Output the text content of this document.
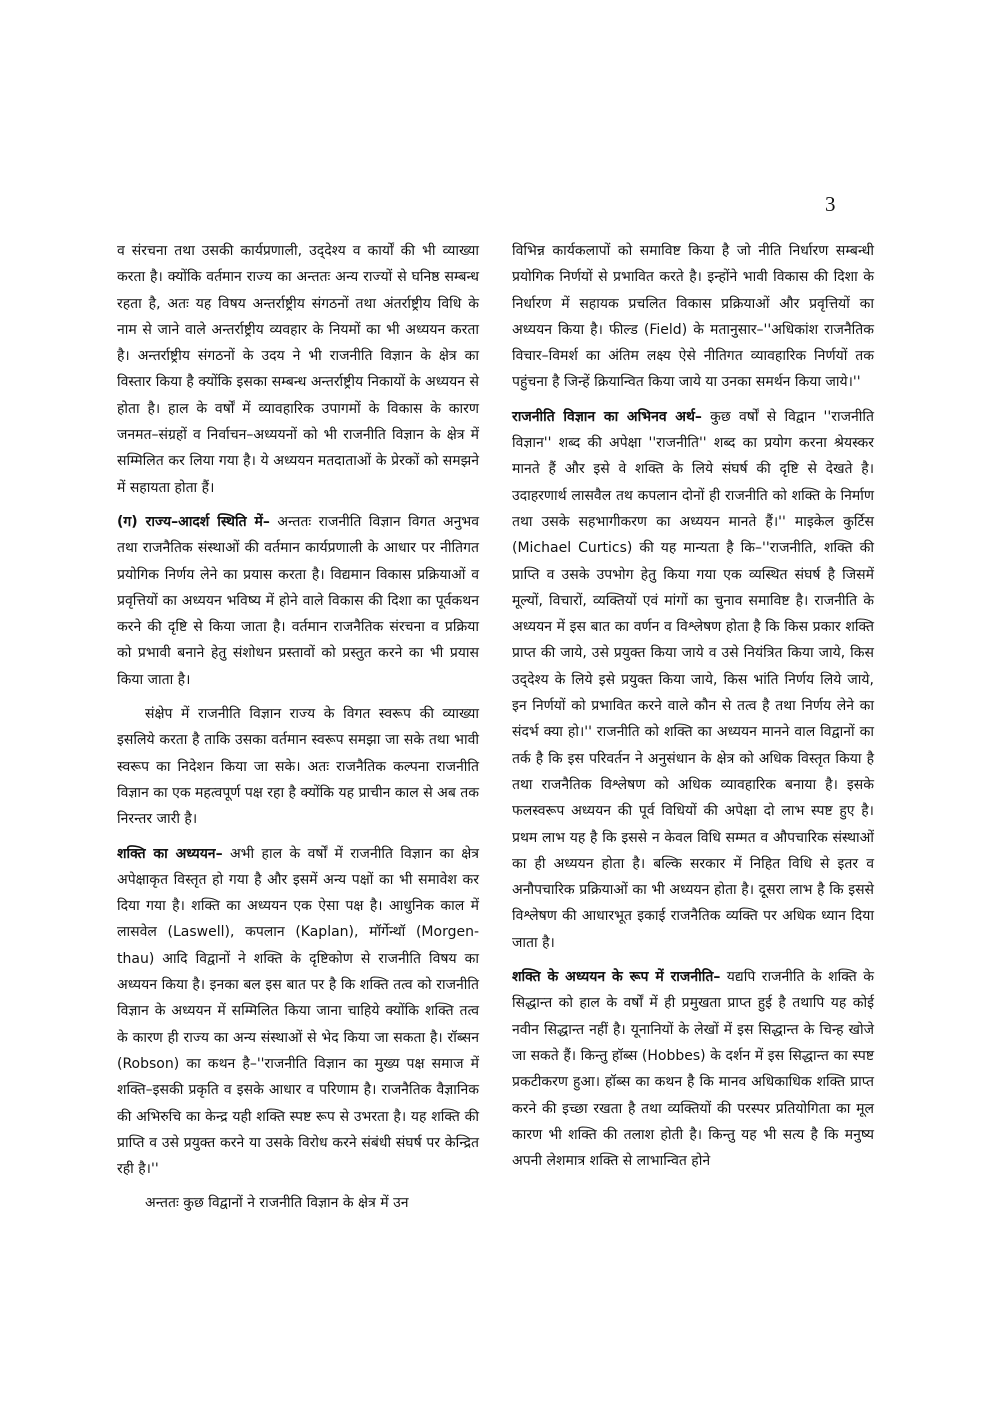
3

व संरचना तथा उसकी कार्यप्रणाली, उद्‌देश्य व कार्यों की भी व्याख्या करता है। क्योंकि वर्तमान राज्य का अन्ततः अन्य राज्यों से घनिष्ठ सम्बन्ध रहता है, अतः यह विषय अन्तर्राष्ट्रीय संगठनों तथा अंतर्राष्ट्रीय विधि के नाम से जाने वाले अन्तर्राष्ट्रीय व्यवहार के नियमों का भी अध्ययन करता है। अन्तर्राष्ट्रीय संगठनों के उदय ने भी राजनीति विज्ञान के क्षेत्र का विस्तार किया है क्योंकि इसका सम्बन्ध अन्तर्राष्ट्रीय निकायों के अध्ययन से होता है। हाल के वर्षों में व्यावहारिक उपागमों के विकास के कारण जनमत–संग्रहों व निर्वाचन–अध्ययनों को भी राजनीति विज्ञान के क्षेत्र में सम्मिलित कर लिया गया है। ये अध्ययन मतदाताओं के प्रेरकों को समझने में सहायता होता हैं।

(ग) राज्य–आदर्श स्थिति में– अन्ततः राजनीति विज्ञान विगत अनुभव तथा राजनैतिक संस्थाओं की वर्तमान कार्यप्रणाली के आधार पर नीतिगत प्रयोगिक निर्णय लेने का प्रयास करता है। विद्यमान विकास प्रक्रियाओं व प्रवृत्तियों का अध्ययन भविष्य में होने वाले विकास की दिशा का पूर्वकथन करने की दृष्टि से किया जाता है। वर्तमान राजनैतिक संरचना व प्रक्रिया को प्रभावी बनाने हेतु संशोधन प्रस्तावों को प्रस्तुत करने का भी प्रयास किया जाता है।

संक्षेप में राजनीति विज्ञान राज्य के विगत स्वरूप की व्याख्या इसलिये करता है ताकि उसका वर्तमान स्वरूप समझा जा सके तथा भावी स्वरूप का निदेशन किया जा सके। अतः राजनैतिक कल्पना राजनीति विज्ञान का एक महत्वपूर्ण पक्ष रहा है क्योंकि यह प्राचीन काल से अब तक निरन्तर जारी है।

शक्ति का अध्ययन– अभी हाल के वर्षों में राजनीति विज्ञान का क्षेत्र अपेक्षाकृत विस्तृत हो गया है और इसमें अन्य पक्षों का भी समावेश कर दिया गया है। शक्ति का अध्ययन एक ऐसा पक्ष है। आधुनिक काल में लासवेल (Laswell), कपलान (Kaplan), मॉर्गेन्थॉ (Morgen-thau) आदि विद्वानों ने शक्ति के दृष्टिकोण से राजनीति विषय का अध्ययन किया है। इनका बल इस बात पर है कि शक्ति तत्व को राजनीति विज्ञान के अध्ययन में सम्मिलित किया जाना चाहिये क्योंकि शक्ति तत्व के कारण ही राज्य का अन्य संस्थाओं से भेद किया जा सकता है। रॉब्सन (Robson) का कथन है–''राजनीति विज्ञान का मुख्य पक्ष समाज में शक्ति–इसकी प्रकृति व इसके आधार व परिणाम है। राजनैतिक वैज्ञानिक की अभिरुचि का केन्द्र यही शक्ति स्पष्ट रूप से उभरता है। यह शक्ति की प्राप्ति व उसे प्रयुक्त करने या उसके विरोध करने संबंधी संघर्ष पर केन्द्रित रही है।''

अन्ततः कुछ विद्वानों ने राजनीति विज्ञान के क्षेत्र में उन

विभिन्न कार्यकलापों को समाविष्ट किया है जो नीति निर्धारण सम्बन्धी प्रयोगिक निर्णयों से प्रभावित करते है। इन्होंने भावी विकास की दिशा के निर्धारण में सहायक प्रचलित विकास प्रक्रियाओं और प्रवृत्तियों का अध्ययन किया है। फील्ड (Field) के मतानुसार–''अधिकांश राजनैतिक विचार–विमर्श का अंतिम लक्ष्य ऐसे नीतिगत व्यावहारिक निर्णयों तक पहुंचना है जिन्हें क्रियान्वित किया जाये या उनका समर्थन किया जाये।''

राजनीति विज्ञान का अभिनव अर्थ– कुछ वर्षों से विद्वान ''राजनीति विज्ञान'' शब्द की अपेक्षा ''राजनीति'' शब्द का प्रयोग करना श्रेयस्कर मानते हैं और इसे वे शक्ति के लिये संघर्ष की दृष्टि से देखते है। उदाहरणार्थ लासवैल तथ कपलान दोनों ही राजनीति को शक्ति के निर्माण तथा उसके सहभागीकरण का अध्ययन मानते हैं।'' माइकेल कुर्टिस (Michael Curtics) की यह मान्यता है कि–''राजनीति, शक्ति की प्राप्ति व उसके उपभोग हेतु किया गया एक व्यस्थित संघर्ष है जिसमें मूल्यों, विचारों, व्यक्तियों एवं मांगों का चुनाव समाविष्ट है। राजनीति के अध्ययन में इस बात का वर्णन व विश्लेषण होता है कि किस प्रकार शक्ति प्राप्त की जाये, उसे प्रयुक्त किया जाये व उसे नियंत्रित किया जाये, किस उद्‌देश्य के लिये इसे प्रयुक्त किया जाये, किस भांति निर्णय लिये जाये, इन निर्णयों को प्रभावित करने वाले कौन से तत्व है तथा निर्णय लेने का संदर्भ क्या हो।'' राजनीति को शक्ति का अध्ययन मानने वाल विद्वानों का तर्क है कि इस परिवर्तन ने अनुसंधान के क्षेत्र को अधिक विस्तृत किया है तथा राजनैतिक विश्लेषण को अधिक व्यावहारिक बनाया है। इसके फलस्वरूप अध्ययन की पूर्व विधियों की अपेक्षा दो लाभ स्पष्ट हुए है। प्रथम लाभ यह है कि इससे न केवल विधि सम्मत व औपचारिक संस्थाओं का ही अध्ययन होता है। बल्कि सरकार में निहित विधि से इतर व अनौपचारिक प्रक्रियाओं का भी अध्ययन होता है। दूसरा लाभ है कि इससे विश्लेषण की आधारभूत इकाई राजनैतिक व्यक्ति पर अधिक ध्यान दिया जाता है।

शक्ति के अध्ययन के रूप में राजनीति– यद्यपि राजनीति के शक्ति के सिद्धान्त को हाल के वर्षों में ही प्रमुखता प्राप्त हुई है तथापि यह कोई नवीन सिद्धान्त नहीं है। यूनानियों के लेखों में इस सिद्धान्त के चिन्ह खोजे जा सकते हैं। किन्तु हॉब्स (Hobbes) के दर्शन में इस सिद्धान्त का स्पष्ट प्रकटीकरण हुआ। हॉब्स का कथन है कि मानव अधिकाधिक शक्ति प्राप्त करने की इच्छा रखता है तथा व्यक्तियों की परस्पर प्रतियोगिता का मूल कारण भी शक्ति की तलाश होती है। किन्तु यह भी सत्य है कि मनुष्य अपनी लेशमात्र शक्ति से लाभान्वित होने
